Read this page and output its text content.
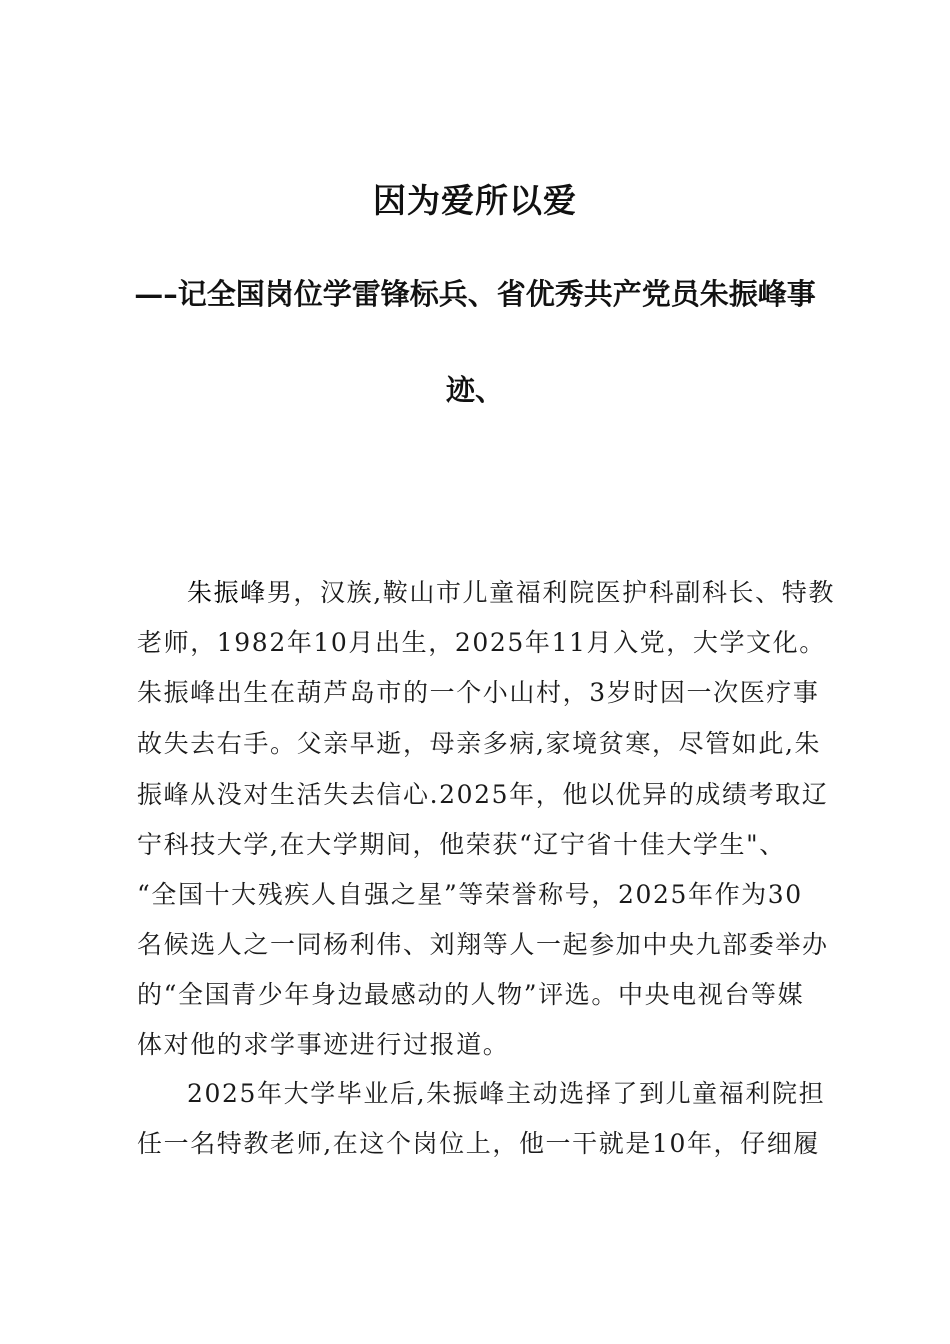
因为爱所以爱
—–记全国岗位学雷锋标兵、省优秀共产党员朱振峰事
迹、
朱振峰男，汉族,鞍山市儿童福利院医护科副科长、特教
老师，1982年10月出生，2025年11月入党，大学文化。
朱振峰出生在葫芦岛市的一个小山村，3岁时因一次医疗事
故失去右手。父亲早逝，母亲多病,家境贫寒，尽管如此,朱
振峰从没对生活失去信心.2025年，他以优异的成绩考取辽
宁科技大学,在大学期间，他荣获“辽宁省十佳大学生"、
“全国十大残疾人自强之星”等荣誉称号，2025年作为30
名候选人之一同杨利伟、刘翔等人一起参加中央九部委举办
的“全国青少年身边最感动的人物”评选。中央电视台等媒
体对他的求学事迹进行过报道。
2025年大学毕业后,朱振峰主动选择了到儿童福利院担
任一名特教老师,在这个岗位上，他一干就是10年，仔细履
